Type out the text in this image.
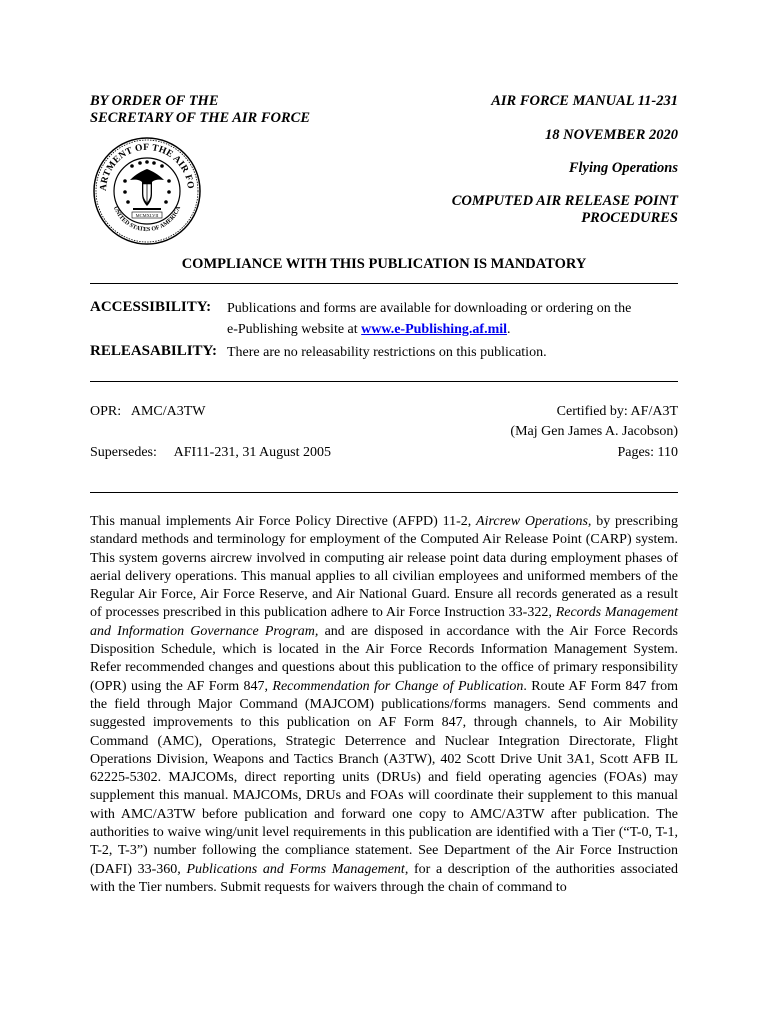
BY ORDER OF THE
SECRETARY OF THE AIR FORCE
AIR FORCE MANUAL 11-231
18 NOVEMBER 2020
Flying Operations
COMPUTED AIR RELEASE POINT
PROCEDURES
ARTMENT OF THE AIR FO
UNITED STATES OF AMERICA
MCMXLVII
COMPLIANCE WITH THIS PUBLICATION IS MANDATORY
ACCESSIBILITY: Publications and forms are available for downloading or ordering on the
e-Publishing website at www.e-Publishing.af.mil.
RELEASABILITY: There are no releasability restrictions on this publication.
OPR: AMC/A3TW	Certified by: AF/A3T
(Maj Gen James A. Jacobson)
Supersedes: AFI11-231, 31 August 2005	Pages: 110

This manual implements Air Force Policy Directive (AFPD) 11-2, Aircrew Operations, by prescribing standard methods and terminology for employment of the Computed Air Release Point (CARP) system. This system governs aircrew involved in computing air release point data during employment phases of aerial delivery operations. This manual applies to all civilian employees and uniformed members of the Regular Air Force, Air Force Reserve, and Air National Guard. Ensure all records generated as a result of processes prescribed in this publication adhere to Air Force Instruction 33-322, Records Management and Information Governance Program, and are disposed in accordance with the Air Force Records Disposition Schedule, which is located in the Air Force Records Information Management System. Refer recommended changes and questions about this publication to the office of primary responsibility (OPR) using the AF Form 847, Recommendation for Change of Publication. Route AF Form 847 from the field through Major Command (MAJCOM) publications/forms managers. Send comments and suggested improvements to this publication on AF Form 847, through channels, to Air Mobility Command (AMC), Operations, Strategic Deterrence and Nuclear Integration Directorate, Flight Operations Division, Weapons and Tactics Branch (A3TW), 402 Scott Drive Unit 3A1, Scott AFB IL 62225-5302. MAJCOMs, direct reporting units (DRUs) and field operating agencies (FOAs) may supplement this manual. MAJCOMs, DRUs and FOAs will coordinate their supplement to this manual with AMC/A3TW before publication and forward one copy to AMC/A3TW after publication. The authorities to waive wing/unit level requirements in this publication are identified with a Tier (“T-0, T-1, T-2, T-3”) number following the compliance statement. See Department of the Air Force Instruction (DAFI) 33-360, Publications and Forms Management, for a description of the authorities associated with the Tier numbers. Submit requests for waivers through the chain of command to
